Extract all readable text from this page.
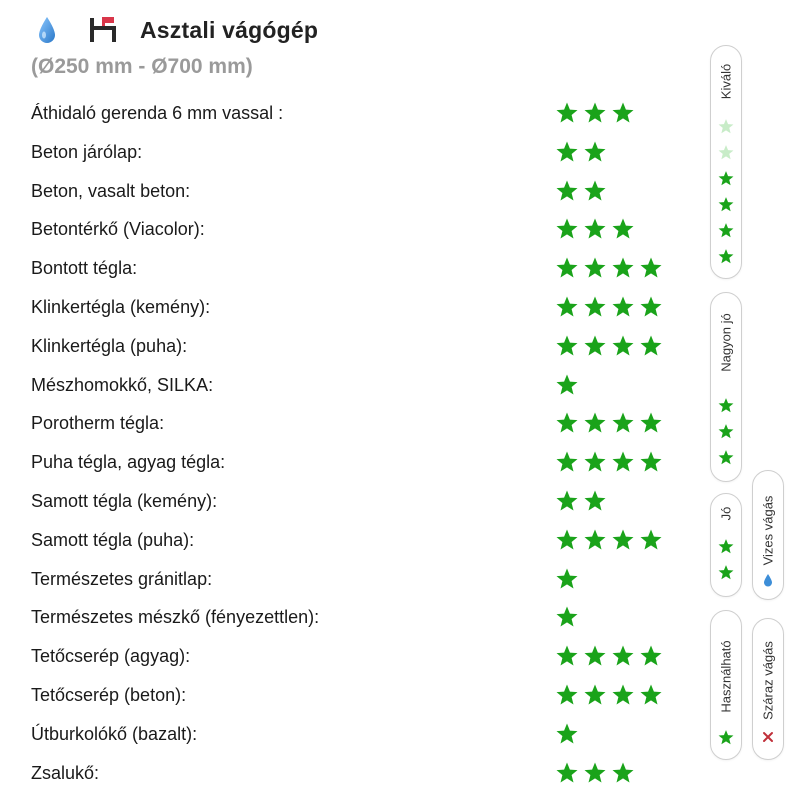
Asztali vágógép
(Ø250 mm - Ø700 mm)
Áthidaló gerenda 6 mm vassal :
Beton járólap:
Beton, vasalt beton:
Betontérkő (Viacolor):
Bontott tégla:
Klinkertégla (kemény):
Klinkertégla (puha):
Mészhomokkő, SILKA:
Porotherm tégla:
Puha tégla, agyag tégla:
Samott tégla (kemény):
Samott tégla (puha):
Természetes gránitlap:
Természetes mészkő (fényezettlen):
Tetőcserép (agyag):
Tetőcserép (beton):
Útburkolókő (bazalt):
Zsalukő:
Kiváló
Nagyon jó
Jó
Használható
Vizes vágás
Száraz vágás
